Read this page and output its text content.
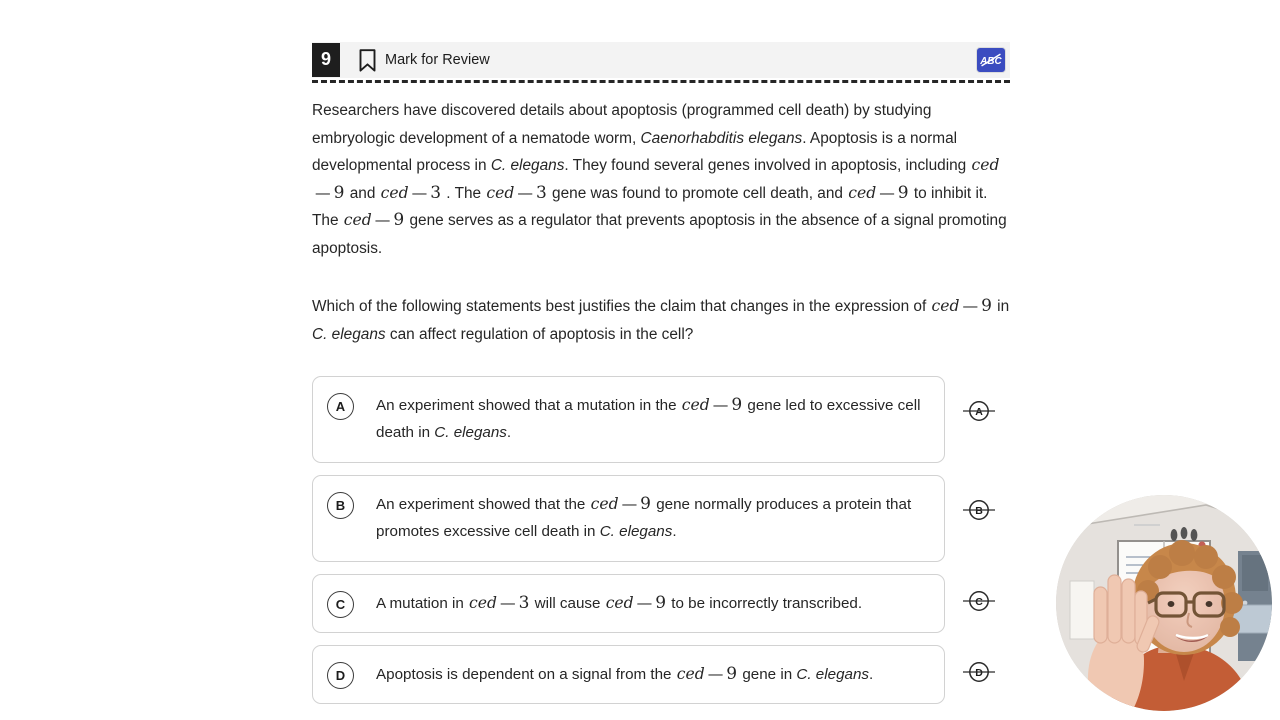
9	Mark for Review	ABC
Researchers have discovered details about apoptosis (programmed cell death) by studying embryologic development of a nematode worm, Caenorhabditis elegans. Apoptosis is a normal developmental process in C. elegans. They found several genes involved in apoptosis, including ced— 9 and ced — 3 . The ced — 3 gene was found to promote cell death, and ced — 9 to inhibit it. The ced — 9 gene serves as a regulator that prevents apoptosis in the absence of a signal promoting apoptosis.
Which of the following statements best justifies the claim that changes in the expression of ced — 9 in C. elegans can affect regulation of apoptosis in the cell?
A	An experiment showed that a mutation in the ced — 9 gene led to excessive cell death in C. elegans.
A
B	An experiment showed that the ced — 9 gene normally produces a protein that promotes excessive cell death in C. elegans.
B
C	A mutation in ced — 3 will cause ced — 9 to be incorrectly transcribed.	C
D	Apoptosis is dependent on a signal from the ced — 9 gene in C. elegans.	D
